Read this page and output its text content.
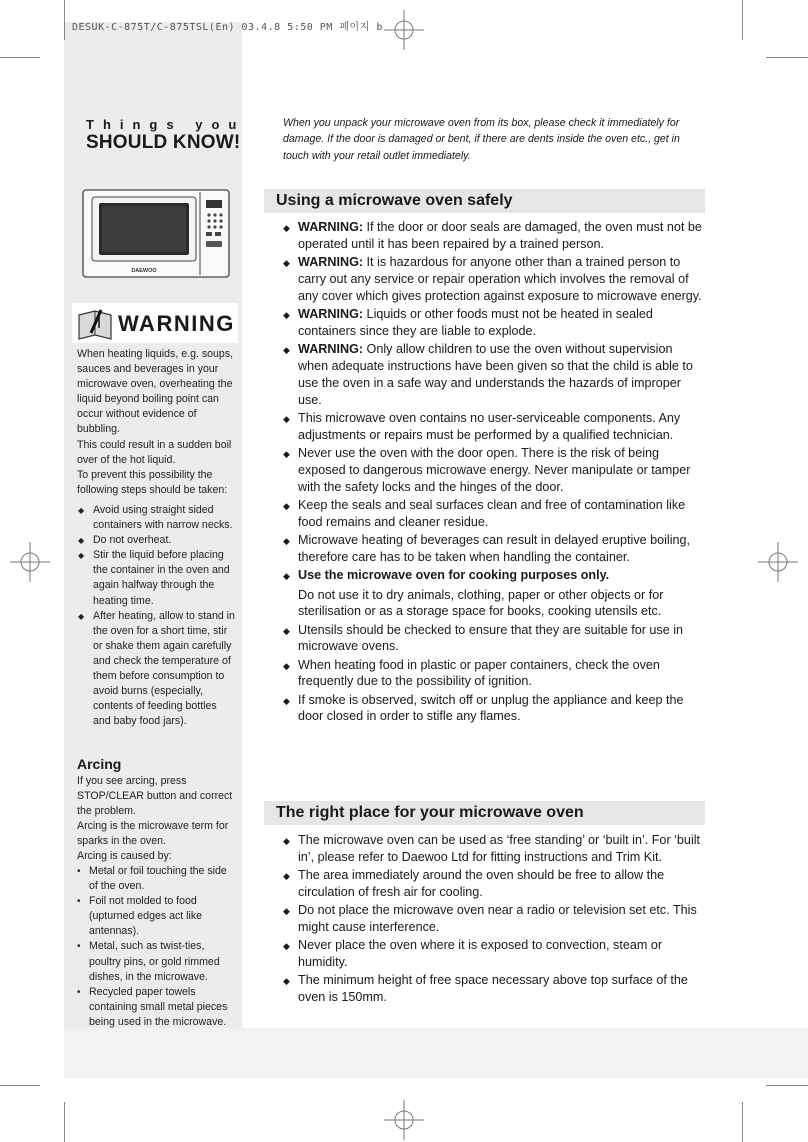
DESUK-C-875T/C-875TSL(En) 03.4.8 5:50 PM 페이지 b
Things you
SHOULD KNOW!
DAEWOO
WARNING

When heating liquids, e.g. soups, sauces and beverages in your microwave oven, overheating the liquid beyond boiling point can occur without evidence of bubbling.

This could result in a sudden boil over of the hot liquid.

To prevent this possibility the following steps should be taken:

◆ Avoid using straight sided containers with narrow necks.
◆ Do not overheat.
◆ Stir the liquid before placing the container in the oven and again halfway through the heating time.
◆ After heating, allow to stand in the oven for a short time, stir or shake them again carefully and check the temperature of them before consumption to avoid burns (especially, contents of feeding bottles and baby food jars).
Arcing

If you see arcing, press STOP/CLEAR button and correct the problem.

Arcing is the microwave term for sparks in the oven.

Arcing is caused by:

• Metal or foil touching the side of the oven.
• Foil not molded to food (upturned edges act like antennas).
• Metal, such as twist-ties, poultry pins, or gold rimmed dishes, in the microwave.
• Recycled paper towels containing small metal pieces being used in the microwave.
When you unpack your microwave oven from its box, please check it immediately for damage. If the door is damaged or bent, if there are dents inside the oven etc., get in touch with your retail outlet immediately.
Using a microwave oven safely
◆ WARNING: If the door or door seals are damaged, the oven must not be operated until it has been repaired by a trained person.
◆ WARNING: It is hazardous for anyone other than a trained person to carry out any service or repair operation which involves the removal of any cover which gives protection against exposure to microwave energy.
◆ WARNING: Liquids or other foods must not be heated in sealed containers since they are liable to explode.
◆ WARNING: Only allow children to use the oven without supervision when adequate instructions have been given so that the child is able to use the oven in a safe way and understands the hazards of improper use.
◆ This microwave oven contains no user-serviceable components. Any adjustments or repairs must be performed by a qualified technician.
◆ Never use the oven with the door open. There is the risk of being exposed to dangerous microwave energy. Never manipulate or tamper with the safety locks and the hinges of the door.
◆ Keep the seals and seal surfaces clean and free of contamination like food remains and cleaner residue.
◆ Microwave heating of beverages can result in delayed eruptive boiling, therefore care has to be taken when handling the container.
◆ Use the microwave oven for cooking purposes only.
Do not use it to dry animals, clothing, paper or other objects or for sterilisation or as a storage space for books, cooking utensils etc.
◆ Utensils should be checked to ensure that they are suitable for use in microwave ovens.
◆ When heating food in plastic or paper containers, check the oven frequently due to the possibility of ignition.
◆ If smoke is observed, switch off or unplug the appliance and keep the door closed in order to stifle any flames.
The right place for your microwave oven
◆ The microwave oven can be used as ‘free standing’ or ‘built in’. For ‘built in’, please refer to Daewoo Ltd for fitting instructions and Trim Kit.
◆ The area immediately around the oven should be free to allow the circulation of fresh air for cooling.
◆ Do not place the microwave oven near a radio or television set etc. This might cause interference.
◆ Never place the oven where it is exposed to convection, steam or humidity.
◆ The minimum height of free space necessary above top surface of the oven is 150mm.
